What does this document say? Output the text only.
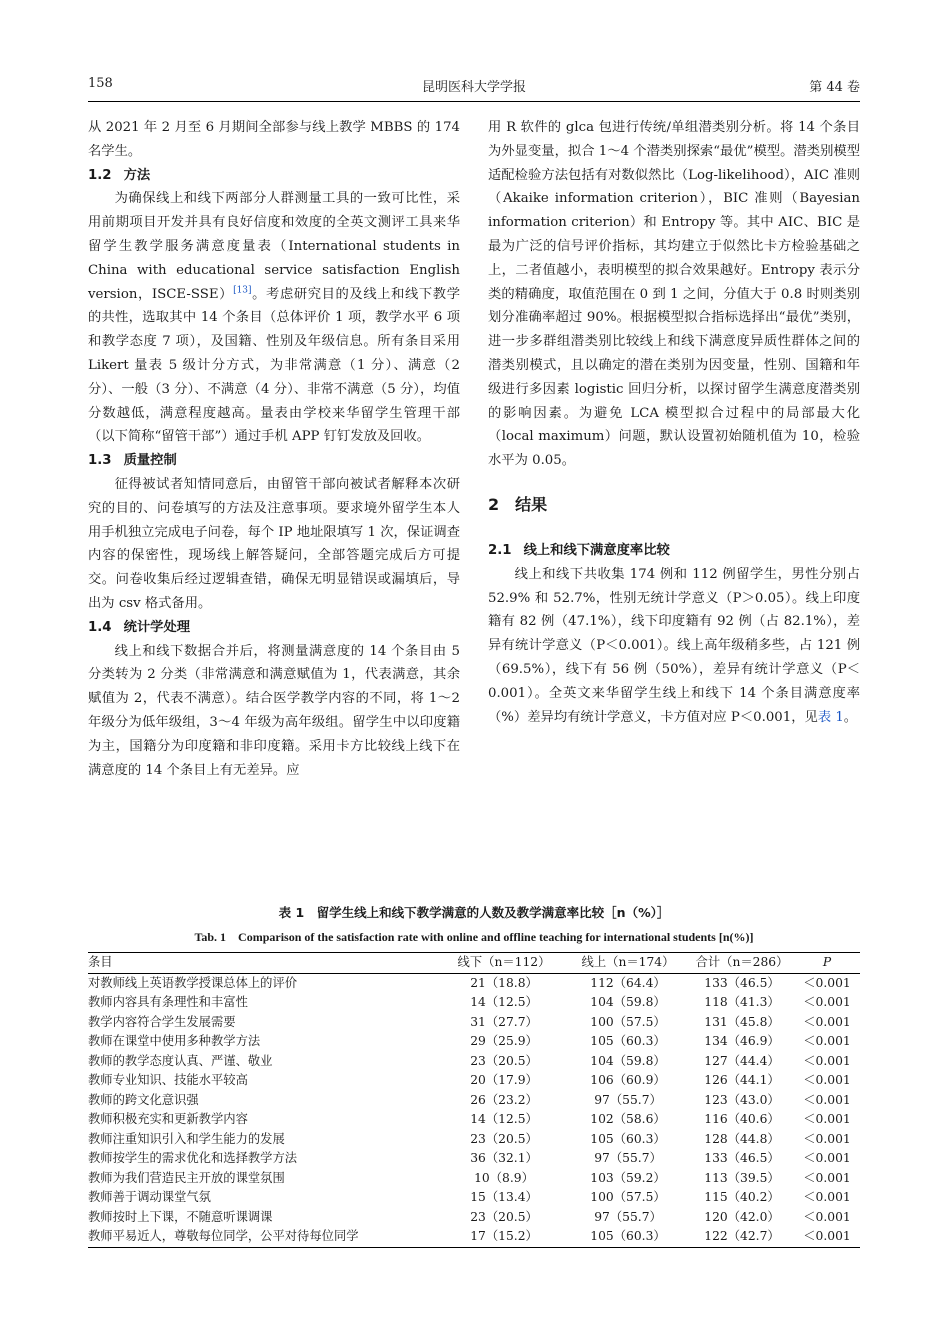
158	昆明医科大学学报	第 44 卷

从 2021 年 2 月至 6 月期间全部参与线上教学 MBBS 的 174 名学生。

1.2 方法

为确保线上和线下两部分人群测量工具的一致可比性，采用前期项目开发并具有良好信度和效度的全英文测评工具来华留学生教学服务满意度量表（International students in China with educational service satisfaction English version，ISCE-SSE）[13]。考虑研究目的及线上和线下教学的共性，选取其中 14 个条目（总体评价 1 项，教学水平 6 项和教学态度 7 项），及国籍、性别及年级信息。所有条目采用 Likert 量表 5 级计分方式，为非常满意（1 分）、满意（2 分）、一般（3 分）、不满意（4 分）、非常不满意（5 分），均值分数越低，满意程度越高。量表由学校来华留学生管理干部（以下简称“留管干部”）通过手机 APP 钉钉发放及回收。

1.3 质量控制

征得被试者知情同意后，由留管干部向被试者解释本次研究的目的、问卷填写的方法及注意事项。要求境外留学生本人用手机独立完成电子问卷，每个 IP 地址限填写 1 次，保证调查内容的保密性，现场线上解答疑问，全部答题完成后方可提交。问卷收集后经过逻辑查错，确保无明显错误或漏填后，导出为 csv 格式备用。

1.4 统计学处理

线上和线下数据合并后，将测量满意度的 14 个条目由 5 分类转为 2 分类（非常满意和满意赋值为 1，代表满意，其余赋值为 2，代表不满意）。结合医学教学内容的不同，将 1～2 年级分为低年级组，3～4 年级为高年级组。留学生中以印度籍为主，国籍分为印度籍和非印度籍。采用卡方比较线上线下在满意度的 14 个条目上有无差异。应

用 R 软件的 glca 包进行传统/单组潜类别分析。将 14 个条目为外显变量，拟合 1～4 个潜类别探索“最优”模型。潜类别模型适配检验方法包括有对数似然比（Log-likelihood），AIC 准则（Akaike information criterion），BIC 准则（Bayesian information criterion）和 Entropy 等。其中 AIC、BIC 是最为广泛的信号评价指标，其均建立于似然比卡方检验基础之上，二者值越小，表明模型的拟合效果越好。Entropy 表示分类的精确度，取值范围在 0 到 1 之间，分值大于 0.8 时则类别划分准确率超过 90%。根据模型拟合指标选择出“最优”类别，进一步多群组潜类别比较线上和线下满意度异质性群体之间的潜类别模式，且以确定的潜在类别为因变量，性别、国籍和年级进行多因素 logistic 回归分析，以探讨留学生满意度潜类别的影响因素。为避免 LCA 模型拟合过程中的局部最大化（local maximum）问题，默认设置初始随机值为 10，检验水平为 0.05。

2 结果
2.1 线上和线下满意度率比较

线上和线下共收集 174 例和 112 例留学生，男性分别占 52.9% 和 52.7%，性别无统计学意义（P＞0.05）。线上印度籍有 82 例（47.1%），线下印度籍有 92 例（占 82.1%），差异有统计学意义（P＜0.001）。线上高年级稍多些，占 121 例（69.5%），线下有 56 例（50%），差异有统计学意义（P＜0.001）。全英文来华留学生线上和线下 14 个条目满意度率（%）差异均有统计学意义，卡方值对应 P＜0.001，见表 1。

表 1　留学生线上和线下教学满意的人数及教学满意率比较［n（%）］
Tab. 1　Comparison of the satisfaction rate with online and offline teaching for international students [n(%)]
条目	线下（n＝112）	线上（n＝174）	合计（n＝286）	P
对教师线上英语教学授课总体上的评价	21（18.8）	112（64.4）	133（46.5）	＜0.001
教师内容具有条理性和丰富性	14（12.5）	104（59.8）	118（41.3）	＜0.001
教学内容符合学生发展需要	31（27.7）	100（57.5）	131（45.8）	＜0.001
教师在课堂中使用多种教学方法	29（25.9）	105（60.3）	134（46.9）	＜0.001
教师的教学态度认真、严谨、敬业	23（20.5）	104（59.8）	127（44.4）	＜0.001
教师专业知识、技能水平较高	20（17.9）	106（60.9）	126（44.1）	＜0.001
教师的跨文化意识强	26（23.2）	97（55.7）	123（43.0）	＜0.001
教师积极充实和更新教学内容	14（12.5）	102（58.6）	116（40.6）	＜0.001
教师注重知识引入和学生能力的发展	23（20.5）	105（60.3）	128（44.8）	＜0.001
教师按学生的需求优化和选择教学方法	36（32.1）	97（55.7）	133（46.5）	＜0.001
教师为我们营造民主开放的课堂氛围	10（8.9）	103（59.2）	113（39.5）	＜0.001
教师善于调动课堂气氛	15（13.4）	100（57.5）	115（40.2）	＜0.001
教师按时上下课，不随意听课调课	23（20.5）	97（55.7）	120（42.0）	＜0.001
教师平易近人，尊敬每位同学，公平对待每位同学	17（15.2）	105（60.3）	122（42.7）	＜0.001
